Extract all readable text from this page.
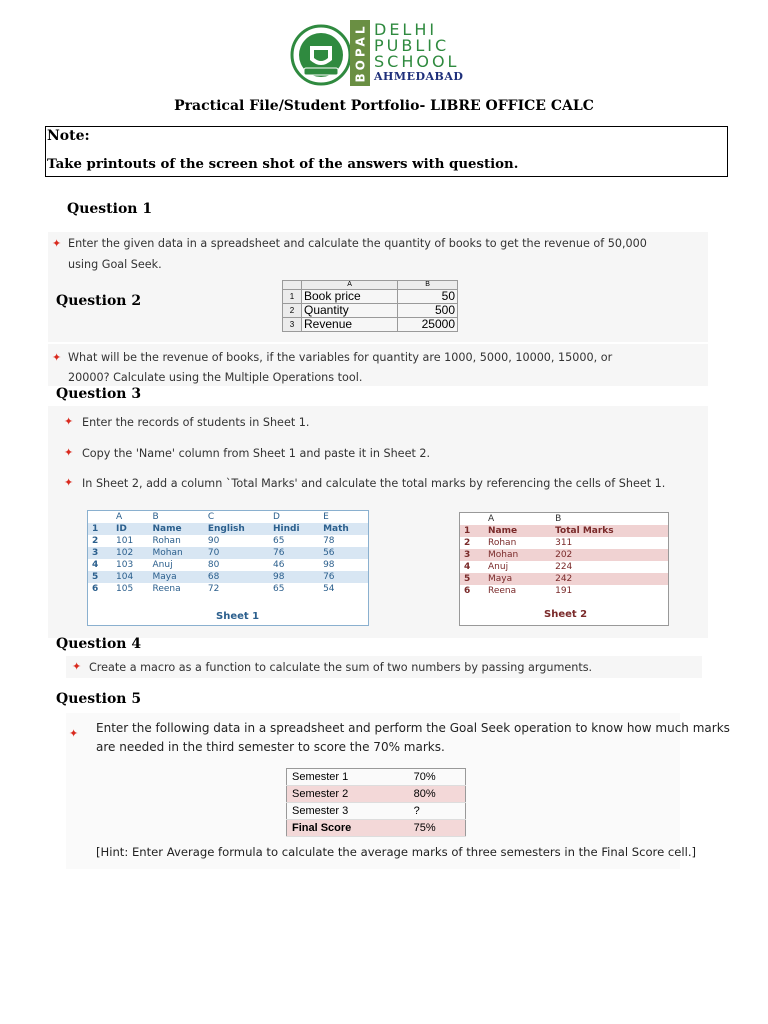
BOPAL DELHI
PUBLIC
SCHOOL
AHMEDABAD
Practical File/Student Portfolio- LIBRE OFFICE CALC
Note:
Take printouts of the screen shot of the answers with question.
Question 1
✦ Enter the given data in a spreadsheet and calculate the quantity of books to get the revenue of 50,000
using Goal Seek.
	A	B
1	Book price	50
2	Quantity	500
3	Revenue	25000
Question 2
✦ What will be the revenue of books, if the variables for quantity are 1000, 5000, 10000, 15000, or
20000? Calculate using the Multiple Operations tool.
Question 3
✦ Enter the records of students in Sheet 1.
✦ Copy the 'Name' column from Sheet 1 and paste it in Sheet 2.
✦ In Sheet 2, add a column `Total Marks' and calculate the total marks by referencing the cells of Sheet 1.
	A	B	C	D	E
1	ID	Name	English	Hindi	Math
2	101	Rohan	90	65	78
3	102	Mohan	70	76	56
4	103	Anuj	80	46	98
5	104	Maya	68	98	76
6	105	Reena	72	65	54
Sheet 1
	A	B
1	Name	Total Marks
2	Rohan	311
3	Mohan	202
4	Anuj	224
5	Maya	242
6	Reena	191
Sheet 2
Question 4
✦ Create a macro as a function to calculate the sum of two numbers by passing arguments.
Question 5
✦ Enter the following data in a spreadsheet and perform the Goal Seek operation to know how much marks
are needed in the third semester to score the 70% marks.
Semester 1	70%
Semester 2	80%
Semester 3	?
Final Score	75%
[Hint: Enter Average formula to calculate the average marks of three semesters in the Final Score cell.]
